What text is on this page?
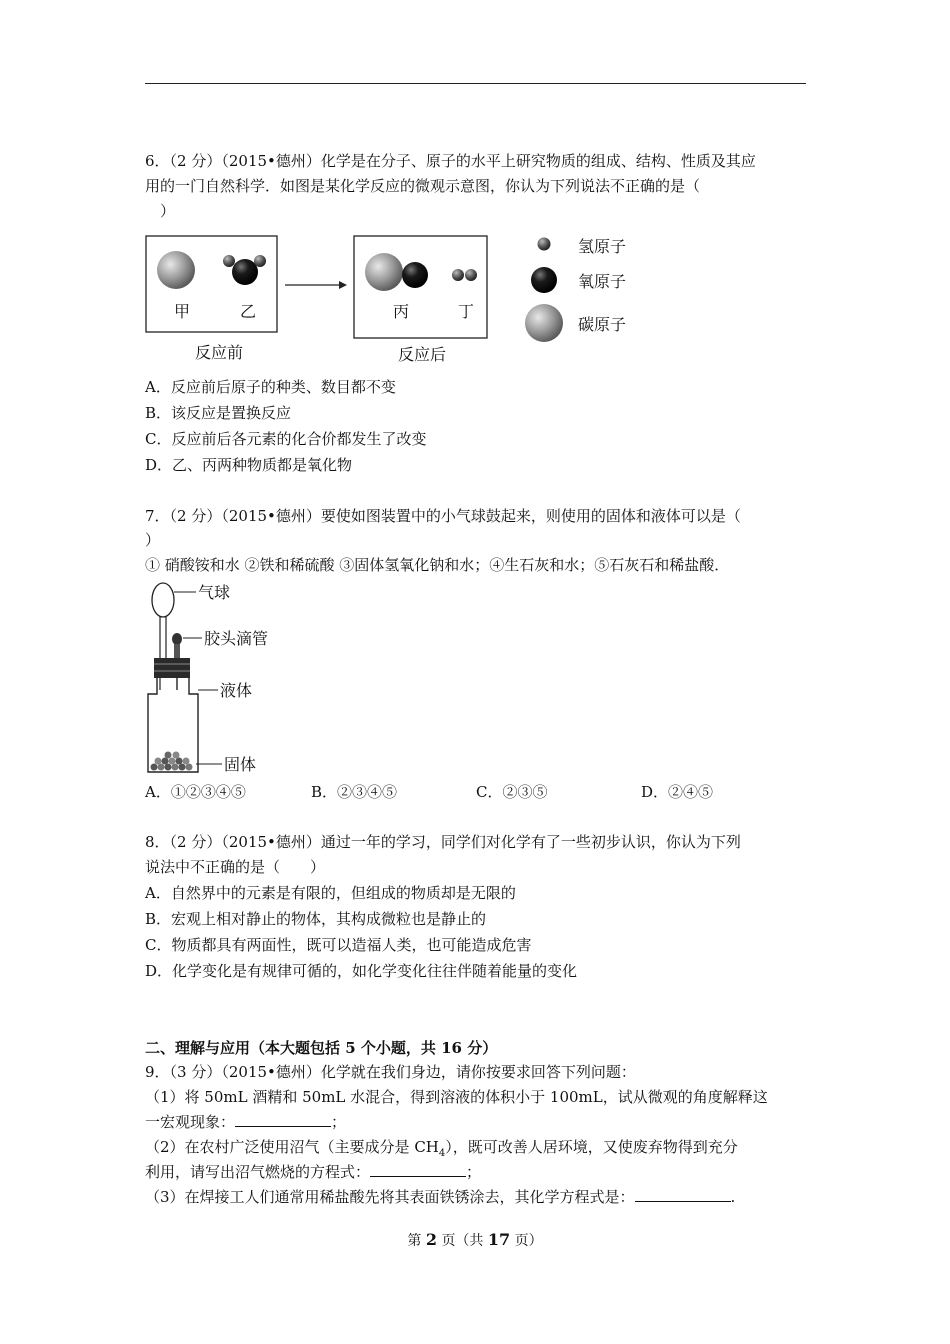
6．（2 分）（2015•德州）化学是在分子、原子的水平上研究物质的组成、结构、性质及其应
用的一门自然科学．如图是某化学反应的微观示意图，你认为下列说法不正确的是（
）
甲	乙	丙	丁
反应前	反应后
氢原子
氧原子
碳原子
A．反应前后原子的种类、数目都不变
B．该反应是置换反应
C．反应前后各元素的化合价都发生了改变
D．乙、丙两种物质都是氧化物
7．（2 分）（2015•德州）要使如图装置中的小气球鼓起来，则使用的固体和液体可以是（
）
① 硝酸铵和水 ②铁和稀硫酸 ③固体氢氧化钠和水；④生石灰和水；⑤石灰石和稀盐酸．
气球
胶头滴管
液体
固体
A．①②③④⑤	B．②③④⑤	C．②③⑤	D．②④⑤
8．（2 分）（2015•德州）通过一年的学习，同学们对化学有了一些初步认识，你认为下列
说法中不正确的是（　　）
A．自然界中的元素是有限的，但组成的物质却是无限的
B．宏观上相对静止的物体，其构成微粒也是静止的
C．物质都具有两面性，既可以造福人类，也可能造成危害
D．化学变化是有规律可循的，如化学变化往往伴随着能量的变化
二、理解与应用（本大题包括 5 个小题，共 16 分）
9．（3 分）（2015•德州）化学就在我们身边，请你按要求回答下列问题：
（1）将 50mL 酒精和 50mL 水混合，得到溶液的体积小于 100mL，试从微观的角度解释这
一宏观现象：	；
（2）在农村广泛使用沼气（主要成分是 $CH_4$），既可改善人居环境，又使废弃物得到充分
利用，请写出沼气燃烧的方程式：	；
（3）在焊接工人们通常用稀盐酸先将其表面铁锈涂去，其化学方程式是：	.
第 2 页（共 17 页）
